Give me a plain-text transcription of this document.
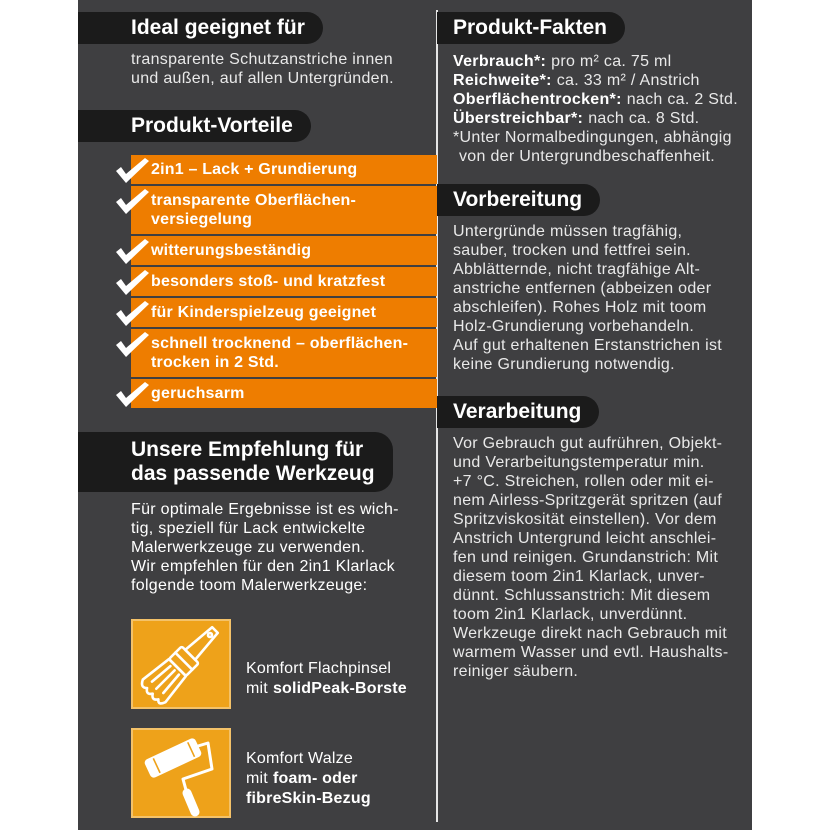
Ideal geeignet für
transparente Schutzanstriche innen
und außen, auf allen Untergründen.
Produkt-Vorteile
2in1 – Lack + Grundierung
transparente Oberflächen-
versiegelung
witterungsbeständig
besonders stoß- und kratzfest
für Kinderspielzeug geeignet
schnell trocknend – oberflächen-
trocken in 2 Std.
geruchsarm
Unsere Empfehlung für
das passende Werkzeug
Für optimale Ergebnisse ist es wich-
tig, speziell für Lack entwickelte
Malerwerkzeuge zu verwenden.
Wir empfehlen für den 2in1 Klarlack
folgende toom Malerwerkzeuge:
Komfort Flachpinsel
mit solidPeak-Borste
Komfort Walze
mit foam- oder
fibreSkin-Bezug
Produkt-Fakten
Verbrauch*: pro m² ca. 75 ml
Reichweite*: ca. 33 m² / Anstrich
Oberflächentrocken*: nach ca. 2 Std.
Überstreichbar*: nach ca. 8 Std.
*Unter Normalbedingungen, abhängig
von der Untergrundbeschaffenheit.
Vorbereitung
Untergründe müssen tragfähig,
sauber, trocken und fettfrei sein.
Abblätternde, nicht tragfähige Alt-
anstriche entfernen (abbeizen oder
abschleifen). Rohes Holz mit toom
Holz-Grundierung vorbehandeln.
Auf gut erhaltenen Erstanstrichen ist
keine Grundierung notwendig.
Verarbeitung
Vor Gebrauch gut aufrühren, Objekt-
und Verarbeitungstemperatur min.
+7 °C. Streichen, rollen oder mit ei-
nem Airless-Spritzgerät spritzen (auf
Spritzviskosität einstellen). Vor dem
Anstrich Untergrund leicht anschlei-
fen und reinigen. Grundanstrich: Mit
diesem toom 2in1 Klarlack, unver-
dünnt. Schlussanstrich: Mit diesem
toom 2in1 Klarlack, unverdünnt.
Werkzeuge direkt nach Gebrauch mit
warmem Wasser und evtl. Haushalts-
reiniger säubern.
